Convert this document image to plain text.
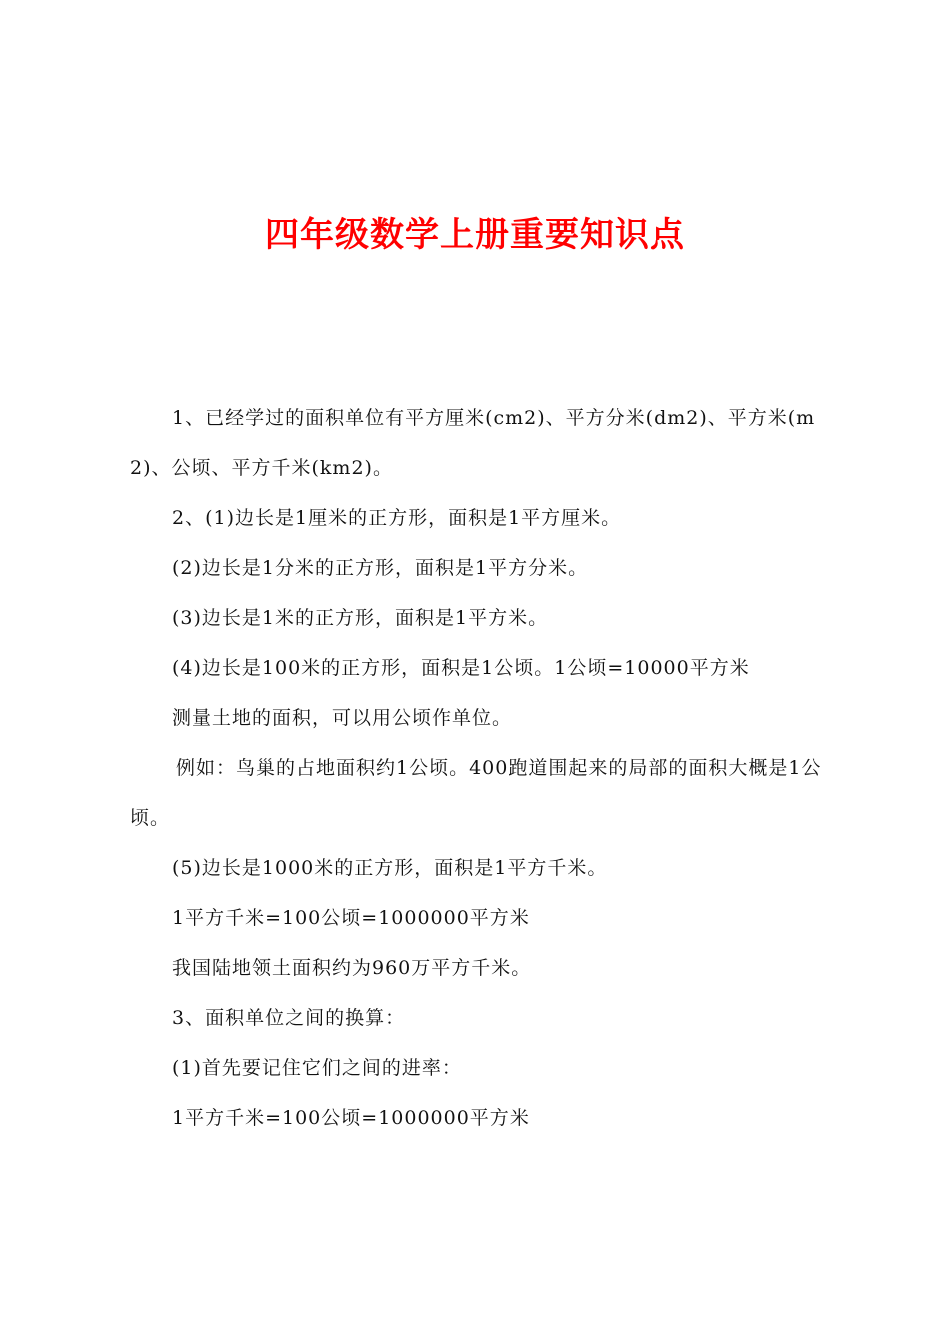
四年级数学上册重要知识点

1、已经学过的面积单位有平方厘米(cm2)、平方分米(dm2)、平方米(m2)、公顷、平方千米(km2)。

2、(1)边长是1厘米的正方形，面积是1平方厘米。

(2)边长是1分米的正方形，面积是1平方分米。

(3)边长是1米的正方形，面积是1平方米。

(4)边长是100米的正方形，面积是1公顷。1公顷=10000平方米

测量土地的面积，可以用公顷作单位。

例如：鸟巢的占地面积约1公顷。400跑道围起来的局部的面积大概是1公顷。

(5)边长是1000米的正方形，面积是1平方千米。

1平方千米=100公顷=1000000平方米

我国陆地领土面积约为960万平方千米。

3、面积单位之间的换算：

(1)首先要记住它们之间的进率：

1平方千米=100公顷=1000000平方米
